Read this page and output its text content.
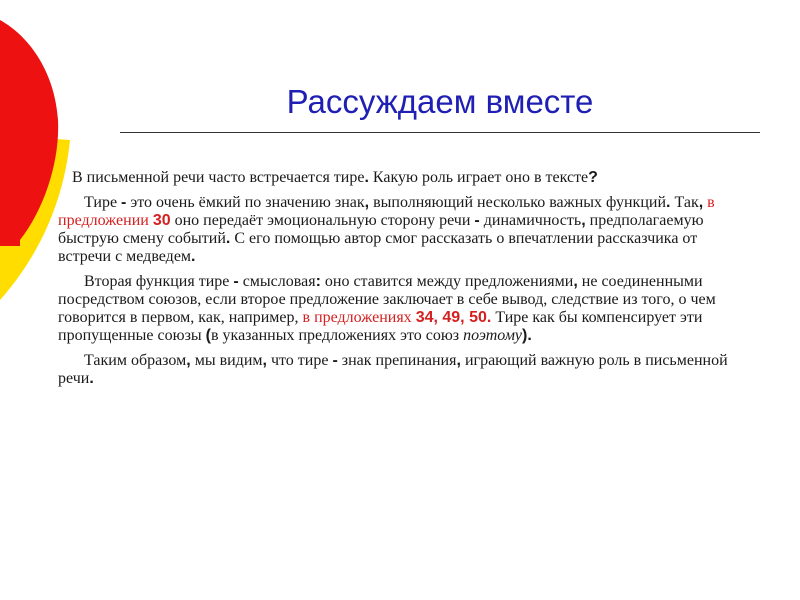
Рассуждаем вместе

В письменной речи часто встречается тире. Какую роль играет оно в тексте?

Тире - это очень ёмкий по значению знак, выполняющий несколько важных функций. Так, в предложении 30 оно передаёт эмоциональную сторону речи - динамичность, предполагаемую быструю смену событий. С его помощью автор смог рассказать о впечатлении рассказчика от встречи с медведем.

Вторая функция тире - смысловая: оно ставится между предложениями, не соединенными посредством союзов, если второе предложение заключает в себе вывод, следствие из того, о чем говорится в первом, как, например, в предложениях 34, 49, 50. Тире как бы компенсирует эти пропущенные союзы (в указанных предложениях это союз поэтому).

Таким образом, мы видим, что тире - знак препинания, играющий важную роль в письменной речи.
